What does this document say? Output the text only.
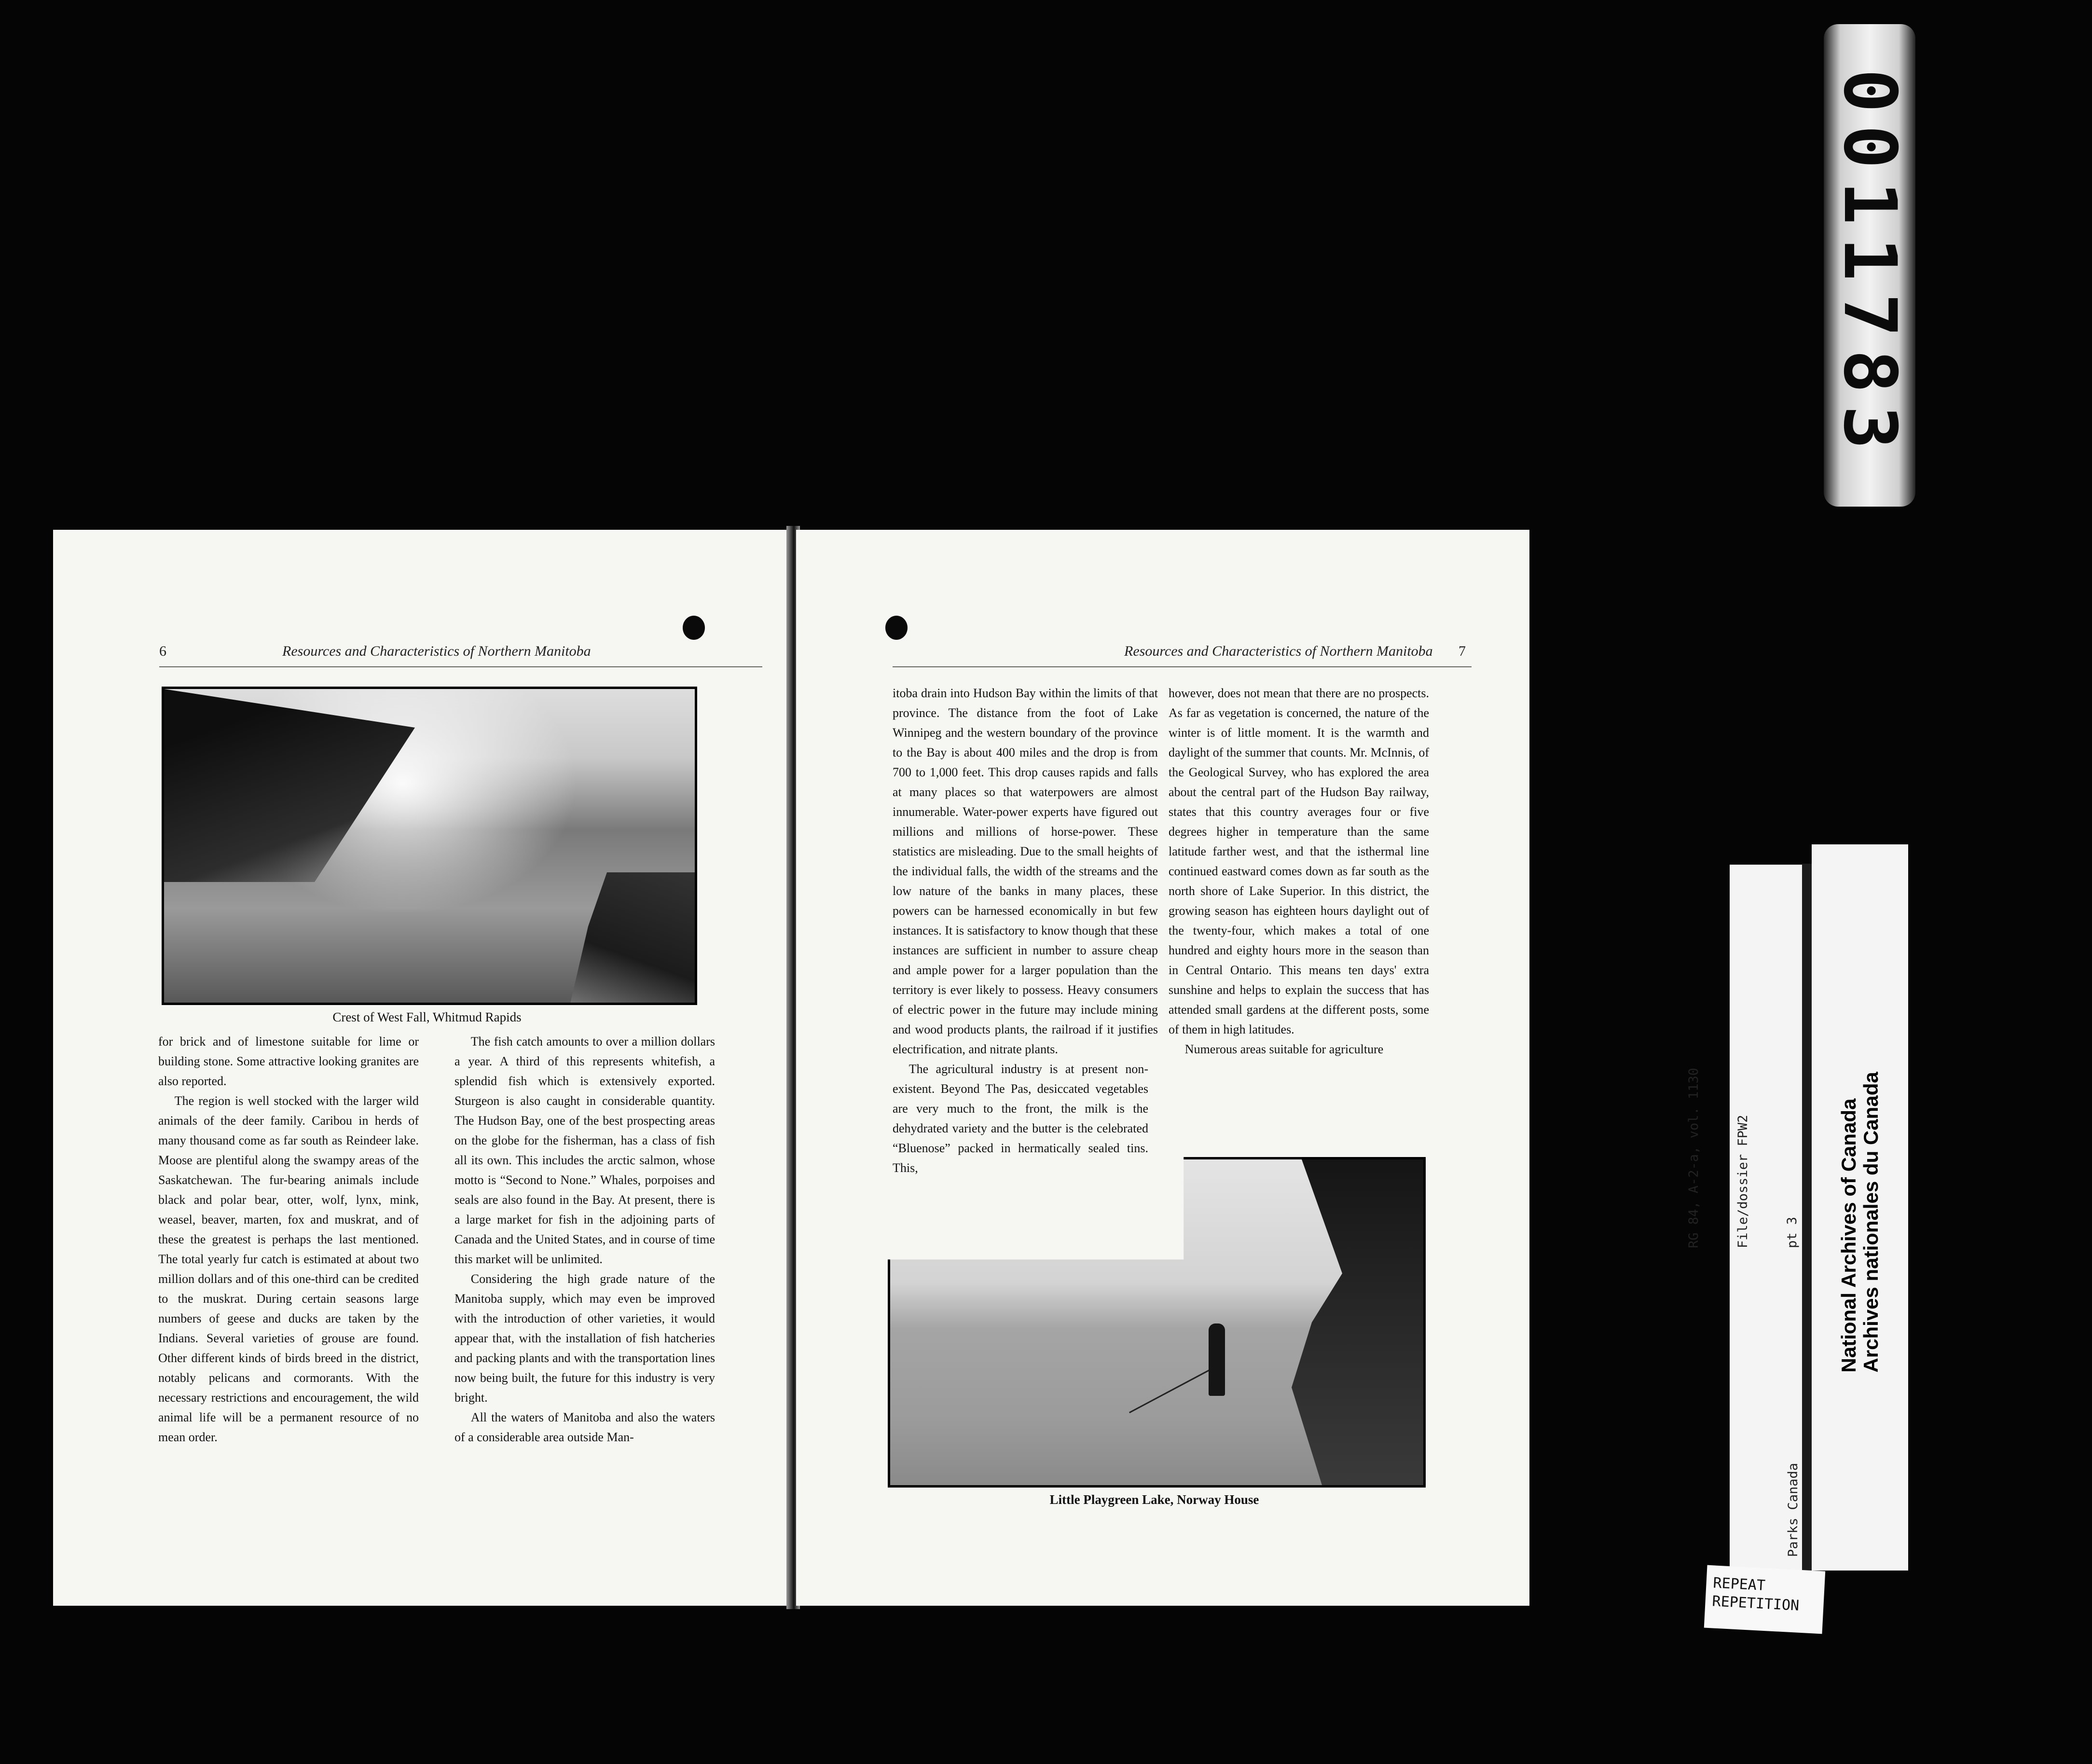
0011783
6	Resources and Characteristics of Northern Manitoba
Crest of West Fall, Whitmud Rapids

for brick and of limestone suitable for lime or building stone. Some attractive looking granites are also reported.

The region is well stocked with the larger wild animals of the deer family. Caribou in herds of many thousand come as far south as Reindeer lake. Moose are plentiful along the swampy areas of the Saskatchewan. The fur-bearing animals include black and polar bear, otter, wolf, lynx, mink, weasel, beaver, marten, fox and muskrat, and of these the greatest is perhaps the last mentioned. The total yearly fur catch is estimated at about two million dollars and of this one-third can be credited to the muskrat. During certain seasons large numbers of geese and ducks are taken by the Indians. Several varieties of grouse are found. Other different kinds of birds breed in the district, notably pelicans and cormorants. With the necessary restrictions and encouragement, the wild animal life will be a permanent resource of no mean order.

The fish catch amounts to over a million dollars a year. A third of this represents whitefish, a splendid fish which is extensively exported. Sturgeon is also caught in considerable quantity. The Hudson Bay, one of the best prospecting areas on the globe for the fisherman, has a class of fish all its own. This includes the arctic salmon, whose motto is “Second to None.” Whales, porpoises and seals are also found in the Bay. At present, there is a large market for fish in the adjoining parts of Canada and the United States, and in course of time this market will be unlimited.

Considering the high grade nature of the Manitoba supply, which may even be improved with the introduction of other varieties, it would appear that, with the installation of fish hatcheries and packing plants and with the transportation lines now being built, the future for this industry is very bright.

All the waters of Manitoba and also the waters of a considerable area outside Man-

Resources and Characteristics of Northern Manitoba 7

itoba drain into Hudson Bay within the limits of that province. The distance from the foot of Lake Winnipeg and the western boundary of the province to the Bay is about 400 miles and the drop is from 700 to 1,000 feet. This drop causes rapids and falls at many places so that waterpowers are almost innumerable. Water-power experts have figured out millions and millions of horse-power. These statistics are misleading. Due to the small heights of the individual falls, the width of the streams and the low nature of the banks in many places, these powers can be harnessed economically in but few instances. It is satisfactory to know though that these instances are sufficient in number to assure cheap and ample power for a larger population than the territory is ever likely to possess. Heavy consumers of electric power in the future may include mining and wood products plants, the railroad if it justifies electrification, and nitrate plants.

The agricultural industry is at present non-existent. Beyond The Pas, desiccated vegetables are very much to the front, the milk is the dehydrated variety and the butter is the celebrated “Bluenose” packed in hermatically sealed tins. This,

however, does not mean that there are no prospects. As far as vegetation is concerned, the nature of the winter is of little moment. It is the warmth and daylight of the summer that counts. Mr. McInnis, of the Geological Survey, who has explored the area about the central part of the Hudson Bay railway, states that this country averages four or five degrees higher in temperature than the same latitude farther west, and that the isthermal line continued eastward comes down as far south as the north shore of Lake Superior. In this district, the growing season has eighteen hours daylight out of the twenty-four, which makes a total of one hundred and eighty hours more in the season than in Central Ontario. This means ten days' extra sunshine and helps to explain the success that has attended small gardens at the different posts, some of them in high latitudes.

Numerous areas suitable for agriculture

Little Playgreen Lake, Norway House

RG 84, A-2-a, vol. 1130

	File/dossier FPW2

	pt 3

Parks Canada

National Archives of Canada Archives nationales du Canada
REPEAT
REPETITION
